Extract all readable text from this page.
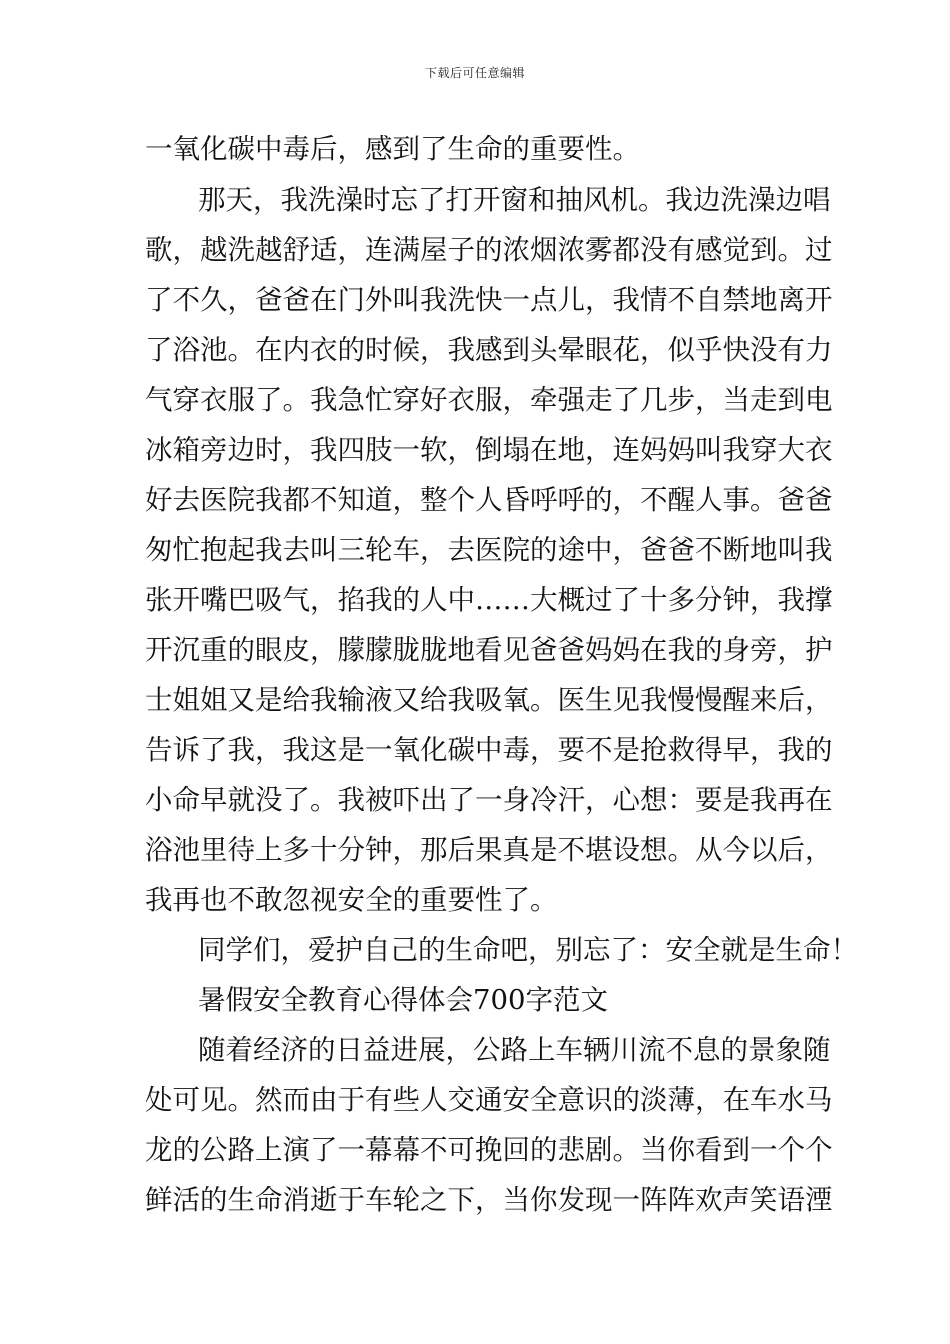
下载后可任意编辑
一氧化碳中毒后，感到了生命的重要性。
那天，我洗澡时忘了打开窗和抽风机。我边洗澡边唱
歌，越洗越舒适，连满屋子的浓烟浓雾都没有感觉到。过
了不久，爸爸在门外叫我洗快一点儿，我情不自禁地离开
了浴池。在内衣的时候，我感到头晕眼花，似乎快没有力
气穿衣服了。我急忙穿好衣服，牵强走了几步，当走到电
冰箱旁边时，我四肢一软，倒塌在地，连妈妈叫我穿大衣
好去医院我都不知道，整个人昏呼呼的，不醒人事。爸爸
匆忙抱起我去叫三轮车，去医院的途中，爸爸不断地叫我
张开嘴巴吸气，掐我的人中……大概过了十多分钟，我撑
开沉重的眼皮，朦朦胧胧地看见爸爸妈妈在我的身旁，护
士姐姐又是给我输液又给我吸氧。医生见我慢慢醒来后，
告诉了我，我这是一氧化碳中毒，要不是抢救得早，我的
小命早就没了。我被吓出了一身冷汗，心想：要是我再在
浴池里待上多十分钟，那后果真是不堪设想。从今以后，
我再也不敢忽视安全的重要性了。
同学们，爱护自己的生命吧，别忘了：安全就是生命！
暑假安全教育心得体会700字范文
随着经济的日益进展，公路上车辆川流不息的景象随
处可见。然而由于有些人交通安全意识的淡薄，在车水马
龙的公路上演了一幕幕不可挽回的悲剧。当你看到一个个
鲜活的生命消逝于车轮之下，当你发现一阵阵欢声笑语湮
